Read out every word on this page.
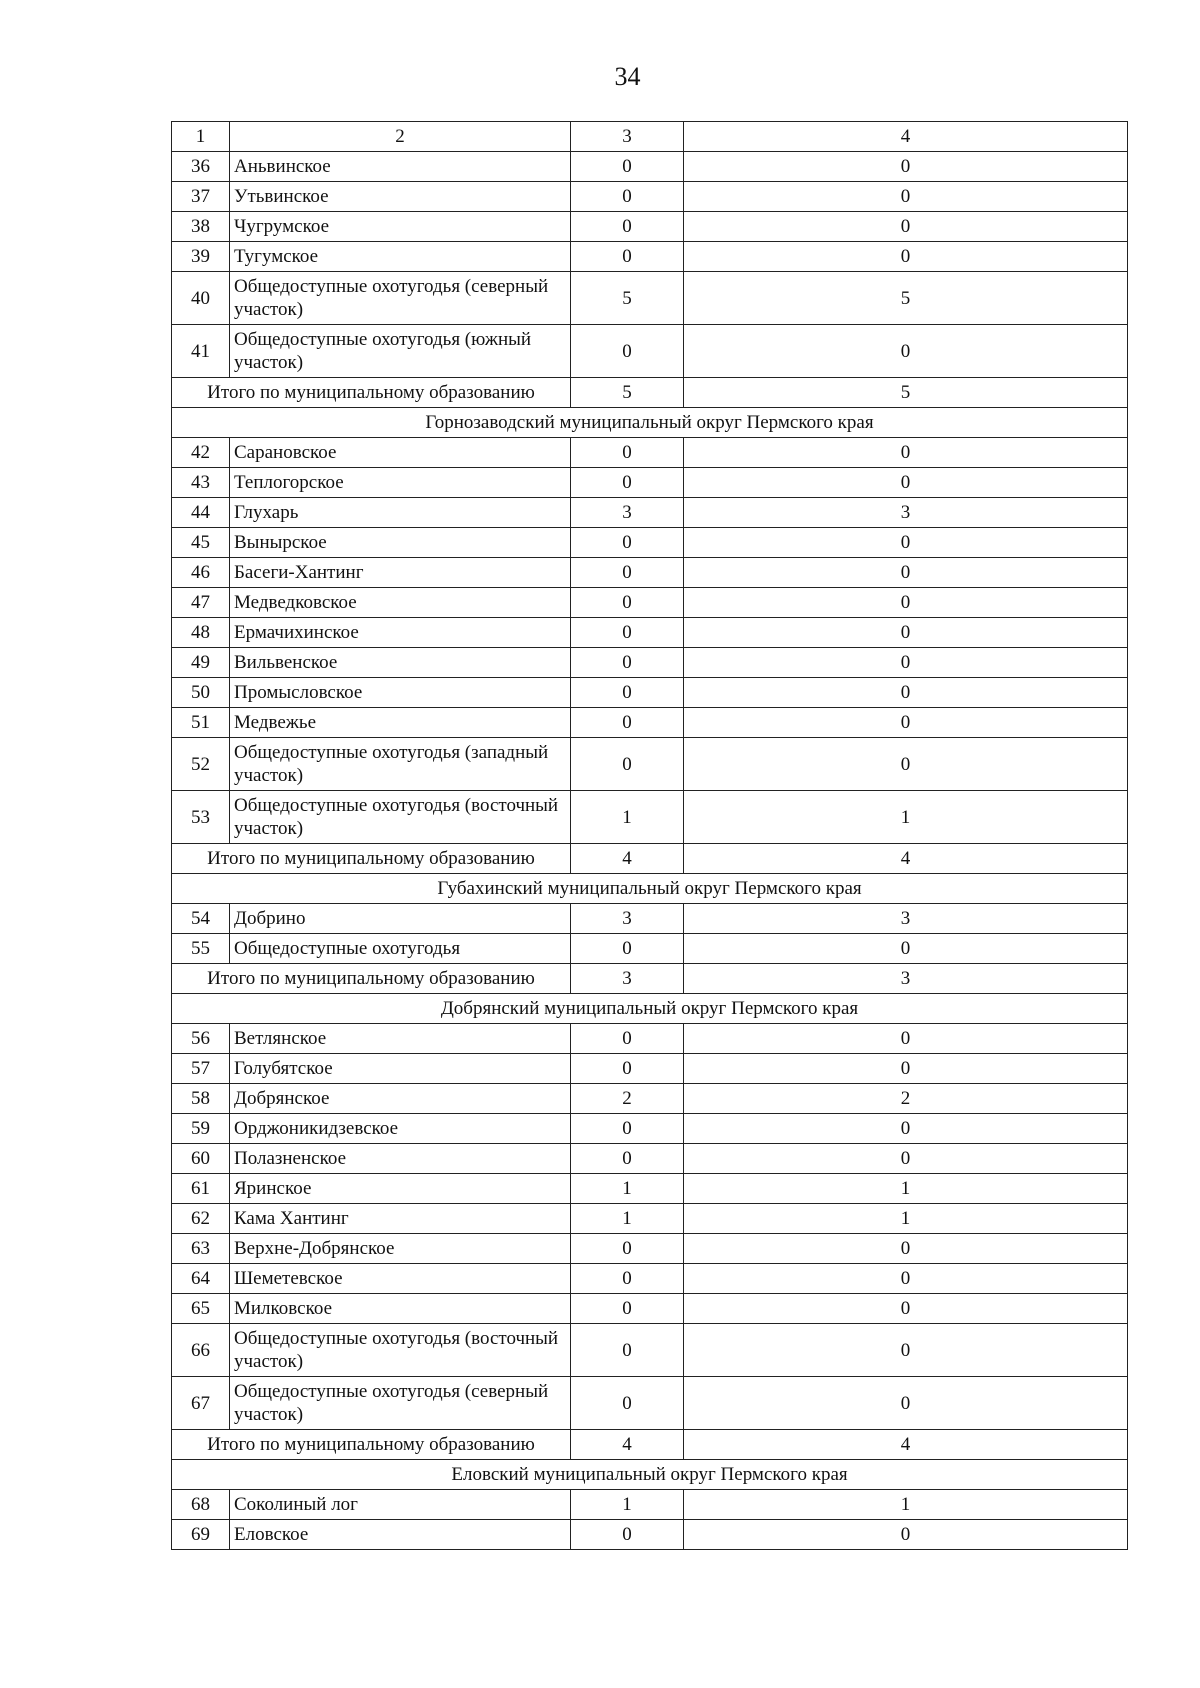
34
1	2	3	4
36	Аньвинское	0	0
37	Утьвинское	0	0
38	Чугрумское	0	0
39	Тугумское	0	0
40	Общедоступные охотугодья (северный участок)	5	5
41	Общедоступные охотугодья (южный участок)	0	0
Итого по муниципальному образованию		5	5
Горнозаводский муниципальный округ Пермского края			
42	Сарановское	0	0
43	Теплогорское	0	0
44	Глухарь	3	3
45	Вынырское	0	0
46	Басеги-Хантинг	0	0
47	Медведковское	0	0
48	Ермачихинское	0	0
49	Вильвенское	0	0
50	Промысловское	0	0
51	Медвежье	0	0
52	Общедоступные охотугодья (западный участок)	0	0
53	Общедоступные охотугодья (восточный участок)	1	1
Итого по муниципальному образованию		4	4
Губахинский муниципальный округ Пермского края			
54	Добрино	3	3
55	Общедоступные охотугодья	0	0
Итого по муниципальному образованию		3	3
Добрянский муниципальный округ Пермского края			
56	Ветлянское	0	0
57	Голубятское	0	0
58	Добрянское	2	2
59	Орджоникидзевское	0	0
60	Полазненское	0	0
61	Яринское	1	1
62	Кама Хантинг	1	1
63	Верхне-Добрянское	0	0
64	Шеметевское	0	0
65	Милковское	0	0
66	Общедоступные охотугодья (восточный участок)	0	0
67	Общедоступные охотугодья (северный участок)	0	0
Итого по муниципальному образованию		4	4
Еловский муниципальный округ Пермского края			
68	Соколиный лог	1	1
69	Еловское	0	0
